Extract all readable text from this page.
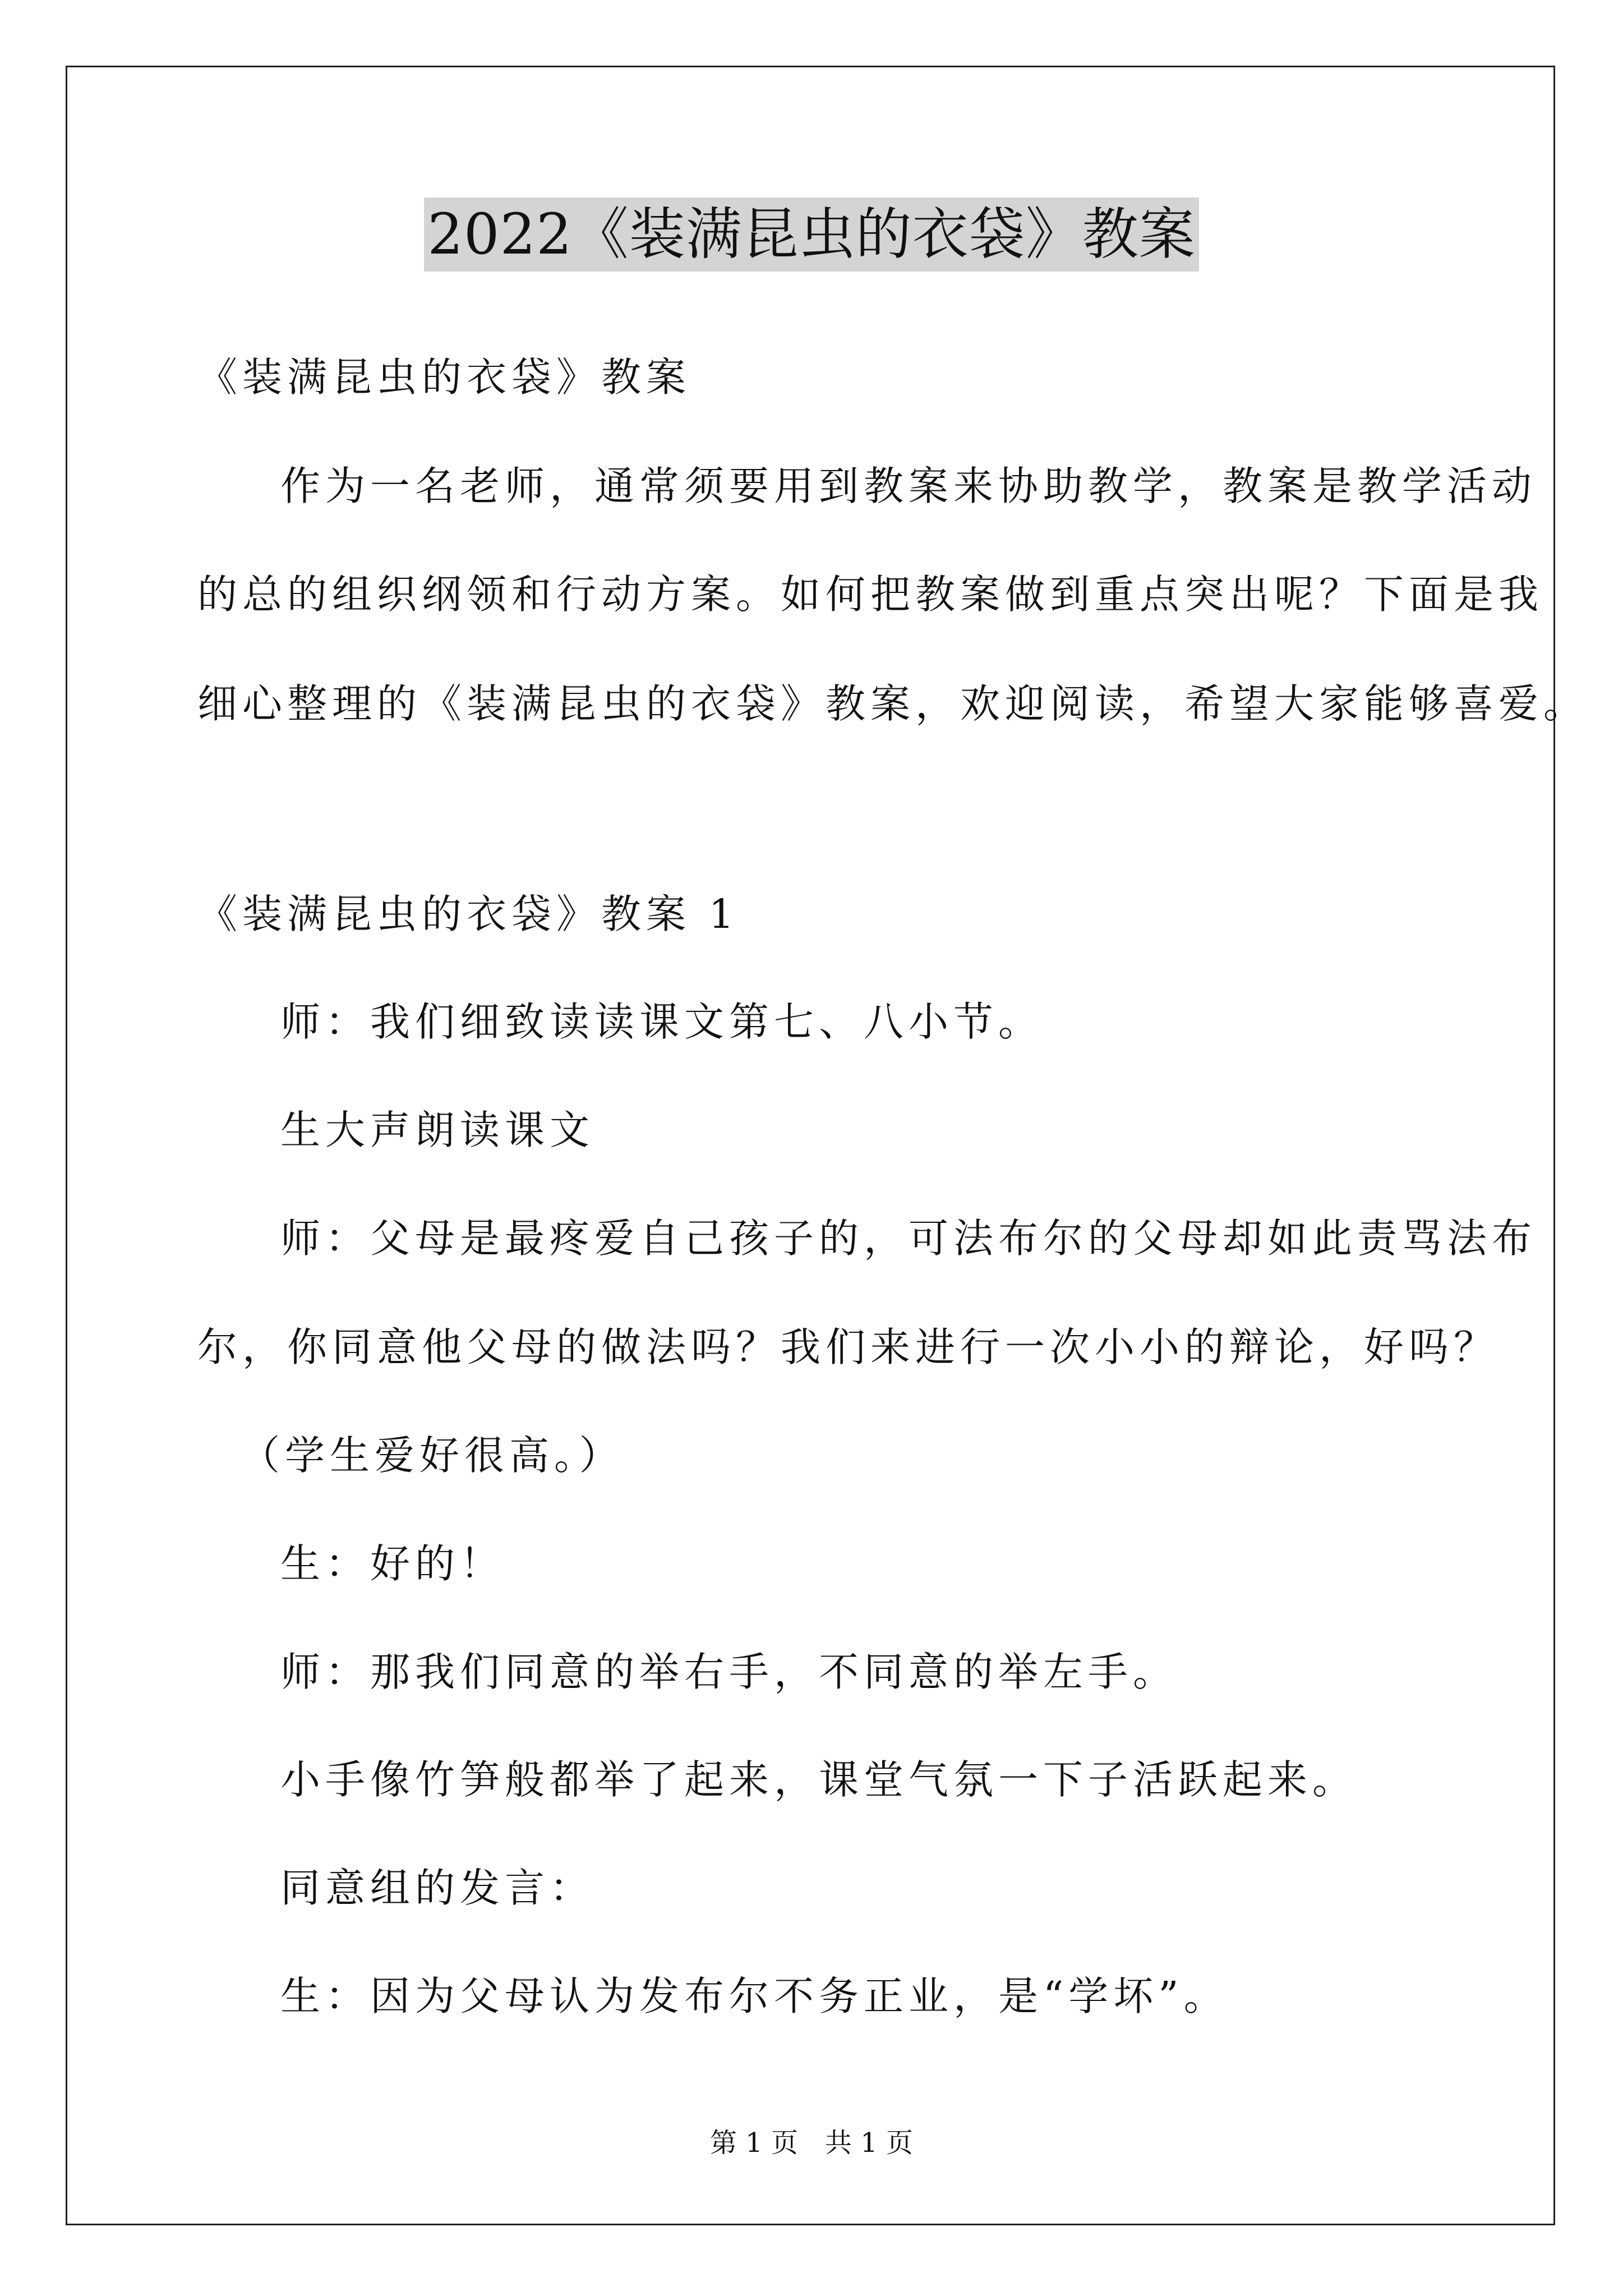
2022《装满昆虫的衣袋》教案
《装满昆虫的衣袋》教案
作为一名老师，通常须要用到教案来协助教学，教案是教学活动
的总的组织纲领和行动方案。如何把教案做到重点突出呢？下面是我
细心整理的《装满昆虫的衣袋》教案，欢迎阅读，希望大家能够喜爱。
《装满昆虫的衣袋》教案 1
师：我们细致读读课文第七、八小节。
生大声朗读课文
师：父母是最疼爱自己孩子的，可法布尔的父母却如此责骂法布
尔，你同意他父母的做法吗？我们来进行一次小小的辩论，好吗？
（学生爱好很高。）
生：好的！
师：那我们同意的举右手，不同意的举左手。
小手像竹笋般都举了起来，课堂气氛一下子活跃起来。
同意组的发言：
生：因为父母认为发布尔不务正业，是“学坏”。
第 1 页　共 1 页
